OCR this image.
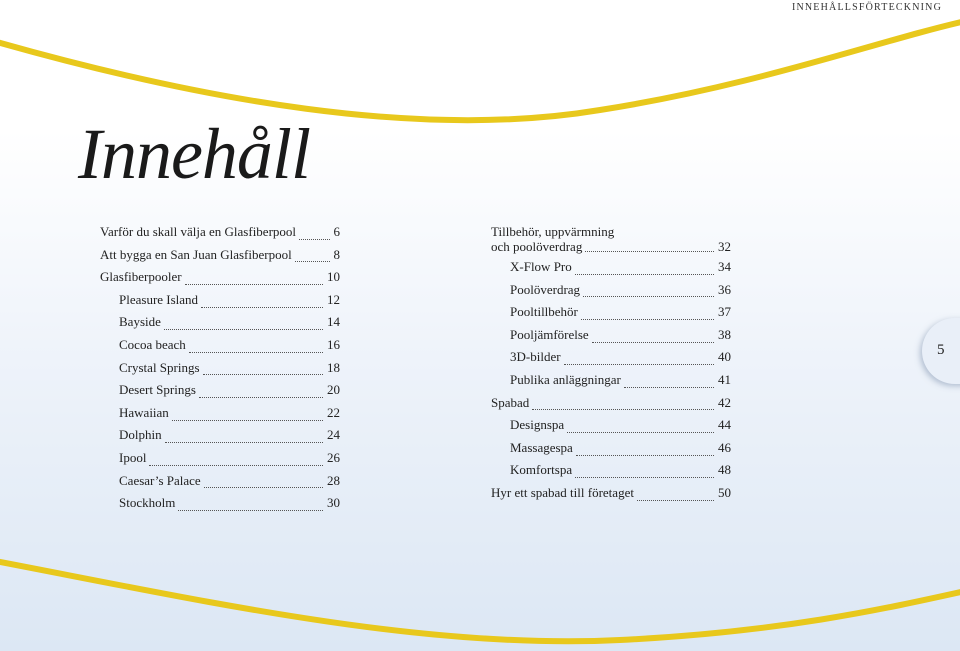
INNEHÅLLSFÖRTECKNING
Innehåll
Varför du skall välja en Glasfiberpool	6
Att bygga en San Juan Glasfiberpool	8
Glasfiberpooler	10
Pleasure Island	12
Bayside	14
Cocoa beach	16
Crystal Springs	18
Desert Springs	20
Hawaiian	22
Dolphin	24
Ipool	26
Caesar’s Palace	28
Stockholm	30
Tillbehör, uppvärmning
och poolöverdrag	32
X-Flow Pro	34
Poolöverdrag	36
Pooltillbehör	37
Pooljämförelse	38
3D-bilder	40
Publika anläggningar	41
Spabad	42
Designspa	44
Massagespa	46
Komfortspa	48
Hyr ett spabad till företaget	50
5
